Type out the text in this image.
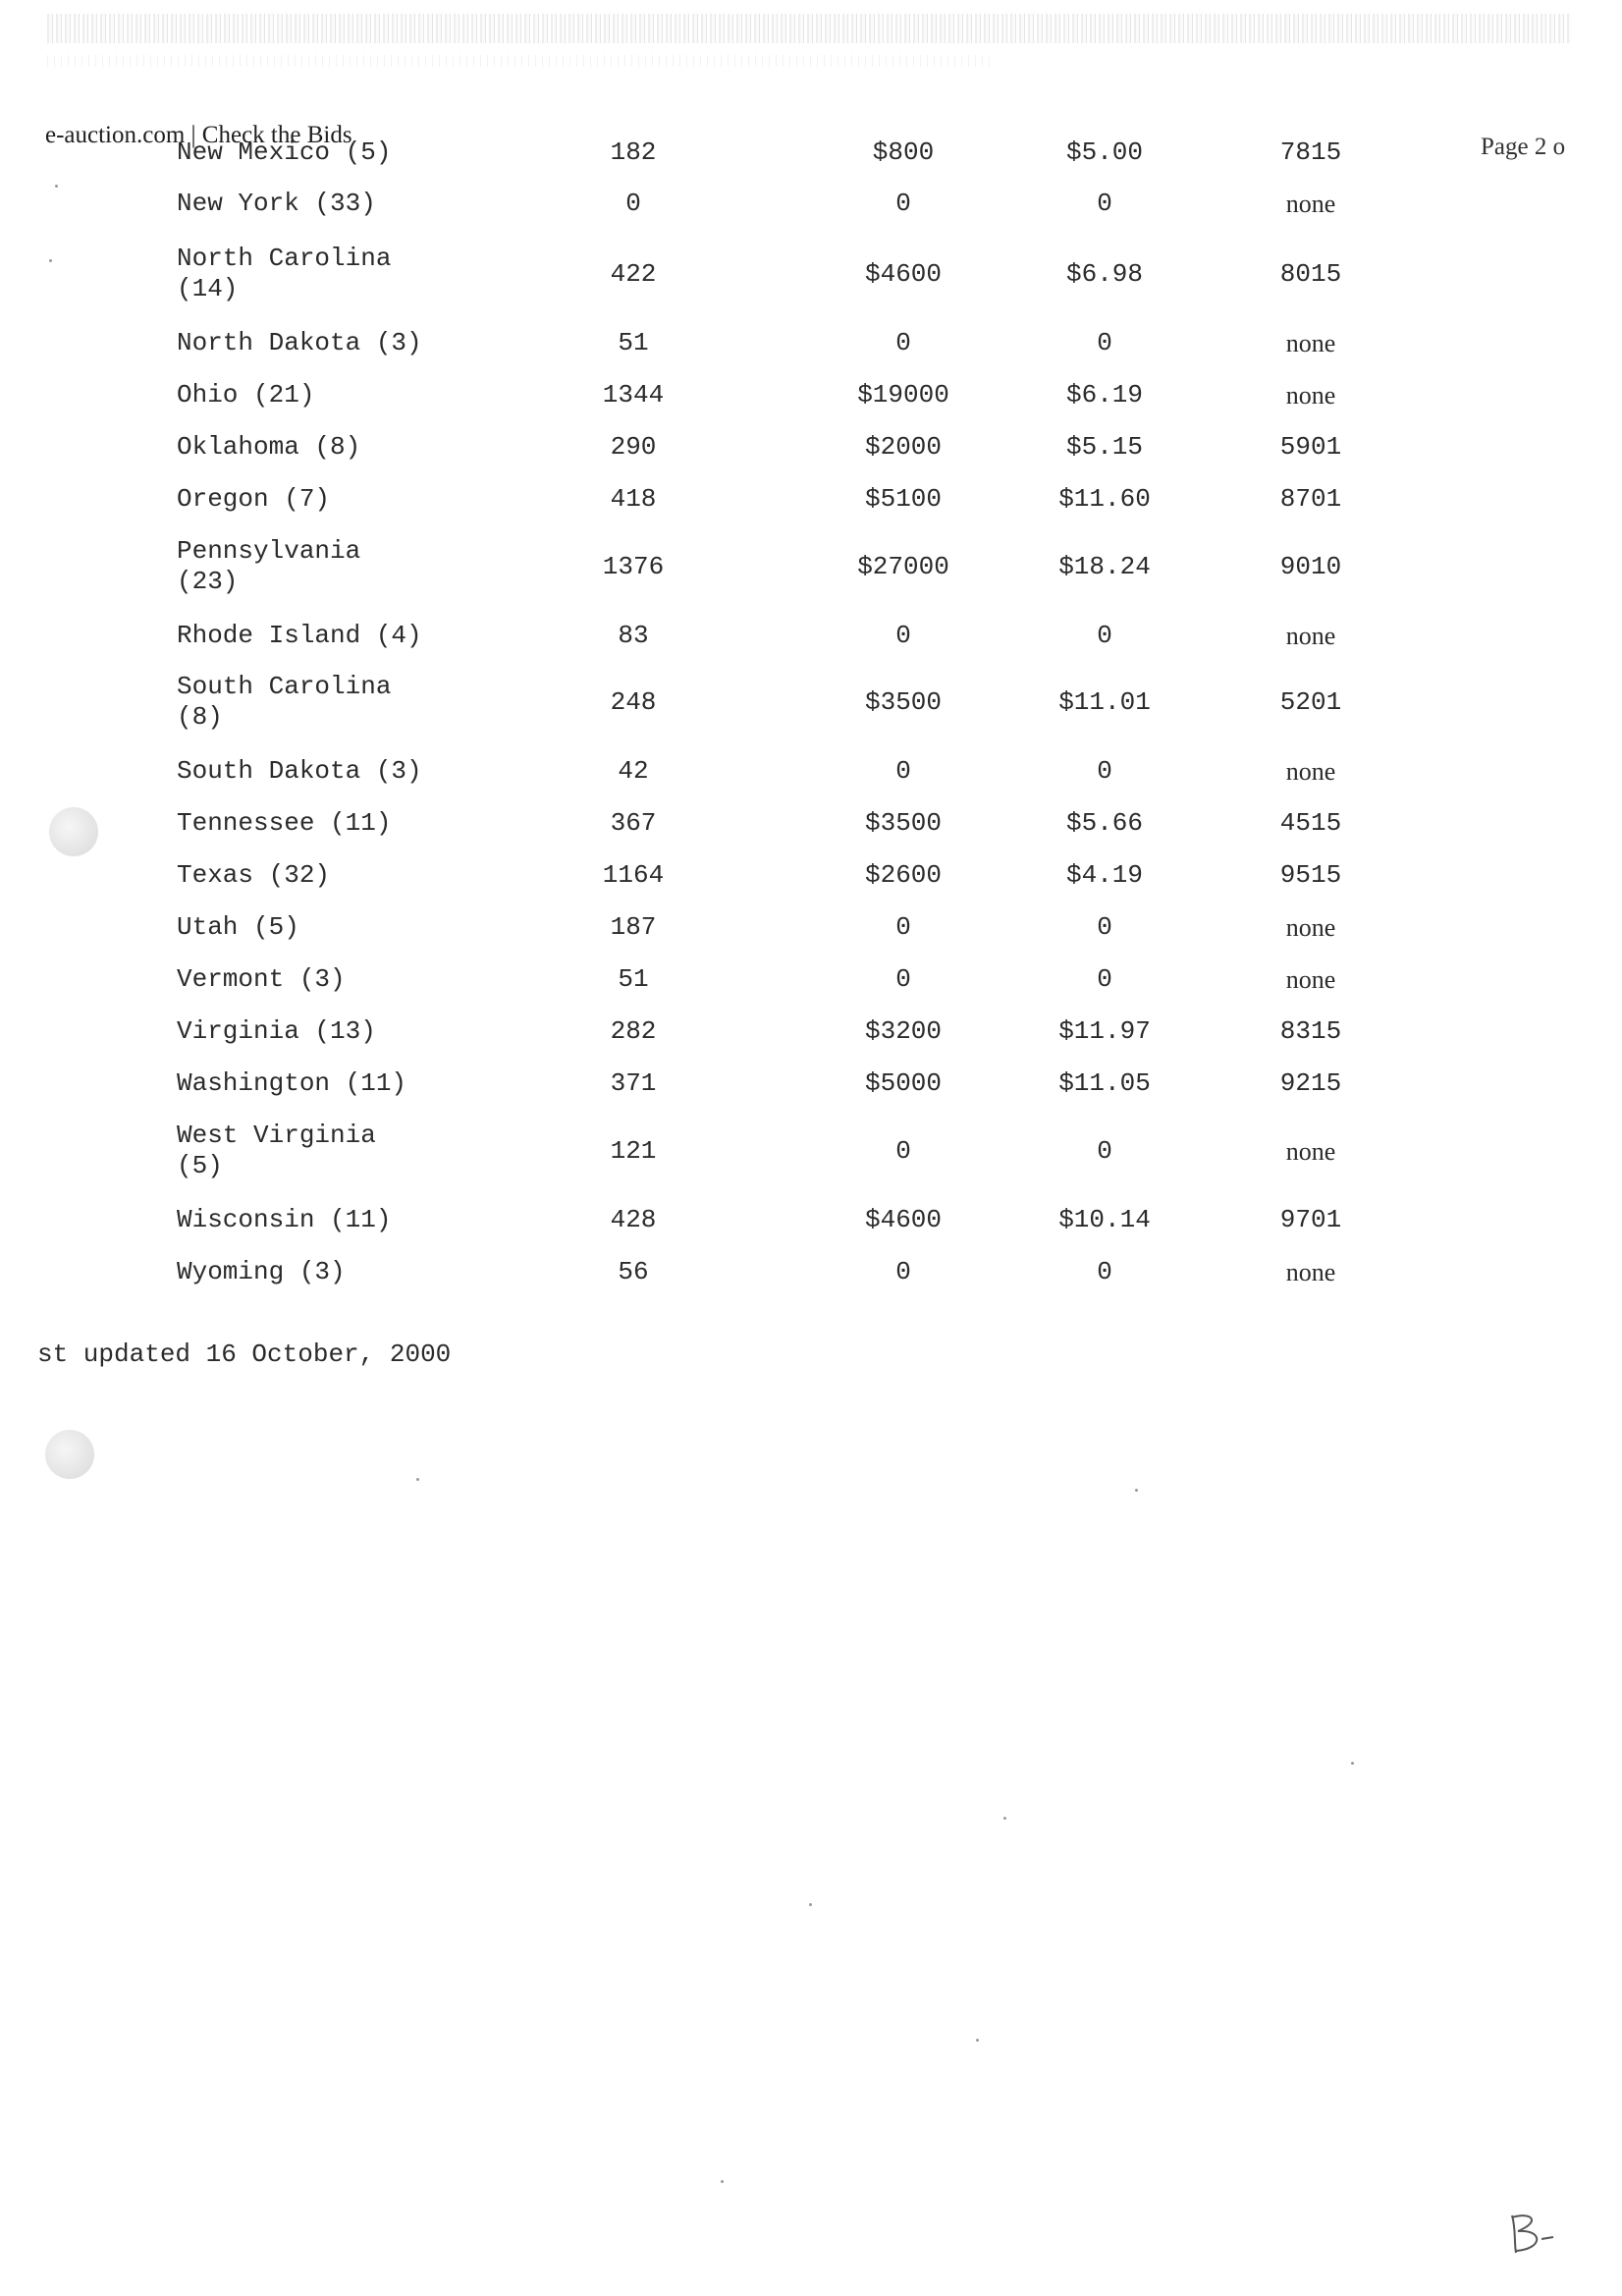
e-auction.com | Check the Bids	Page 2 o
New Mexico (5)	182	$800	$5.00	7815
New York (33)	0	0	0	none
North Carolina (14)	422	$4600	$6.98	8015
North Dakota (3)	51	0	0	none
Ohio (21)	1344	$19000	$6.19	none
Oklahoma (8)	290	$2000	$5.15	5901
Oregon (7)	418	$5100	$11.60	8701
Pennsylvania (23)	1376	$27000	$18.24	9010
Rhode Island (4)	83	0	0	none
South Carolina (8)	248	$3500	$11.01	5201
South Dakota (3)	42	0	0	none
Tennessee (11)	367	$3500	$5.66	4515
Texas (32)	1164	$2600	$4.19	9515
Utah (5)	187	0	0	none
Vermont (3)	51	0	0	none
Virginia (13)	282	$3200	$11.97	8315
Washington (11)	371	$5000	$11.05	9215
West Virginia (5)	121	0	0	none
Wisconsin (11)	428	$4600	$10.14	9701
Wyoming (3)	56	0	0	none
st updated 16 October, 2000
